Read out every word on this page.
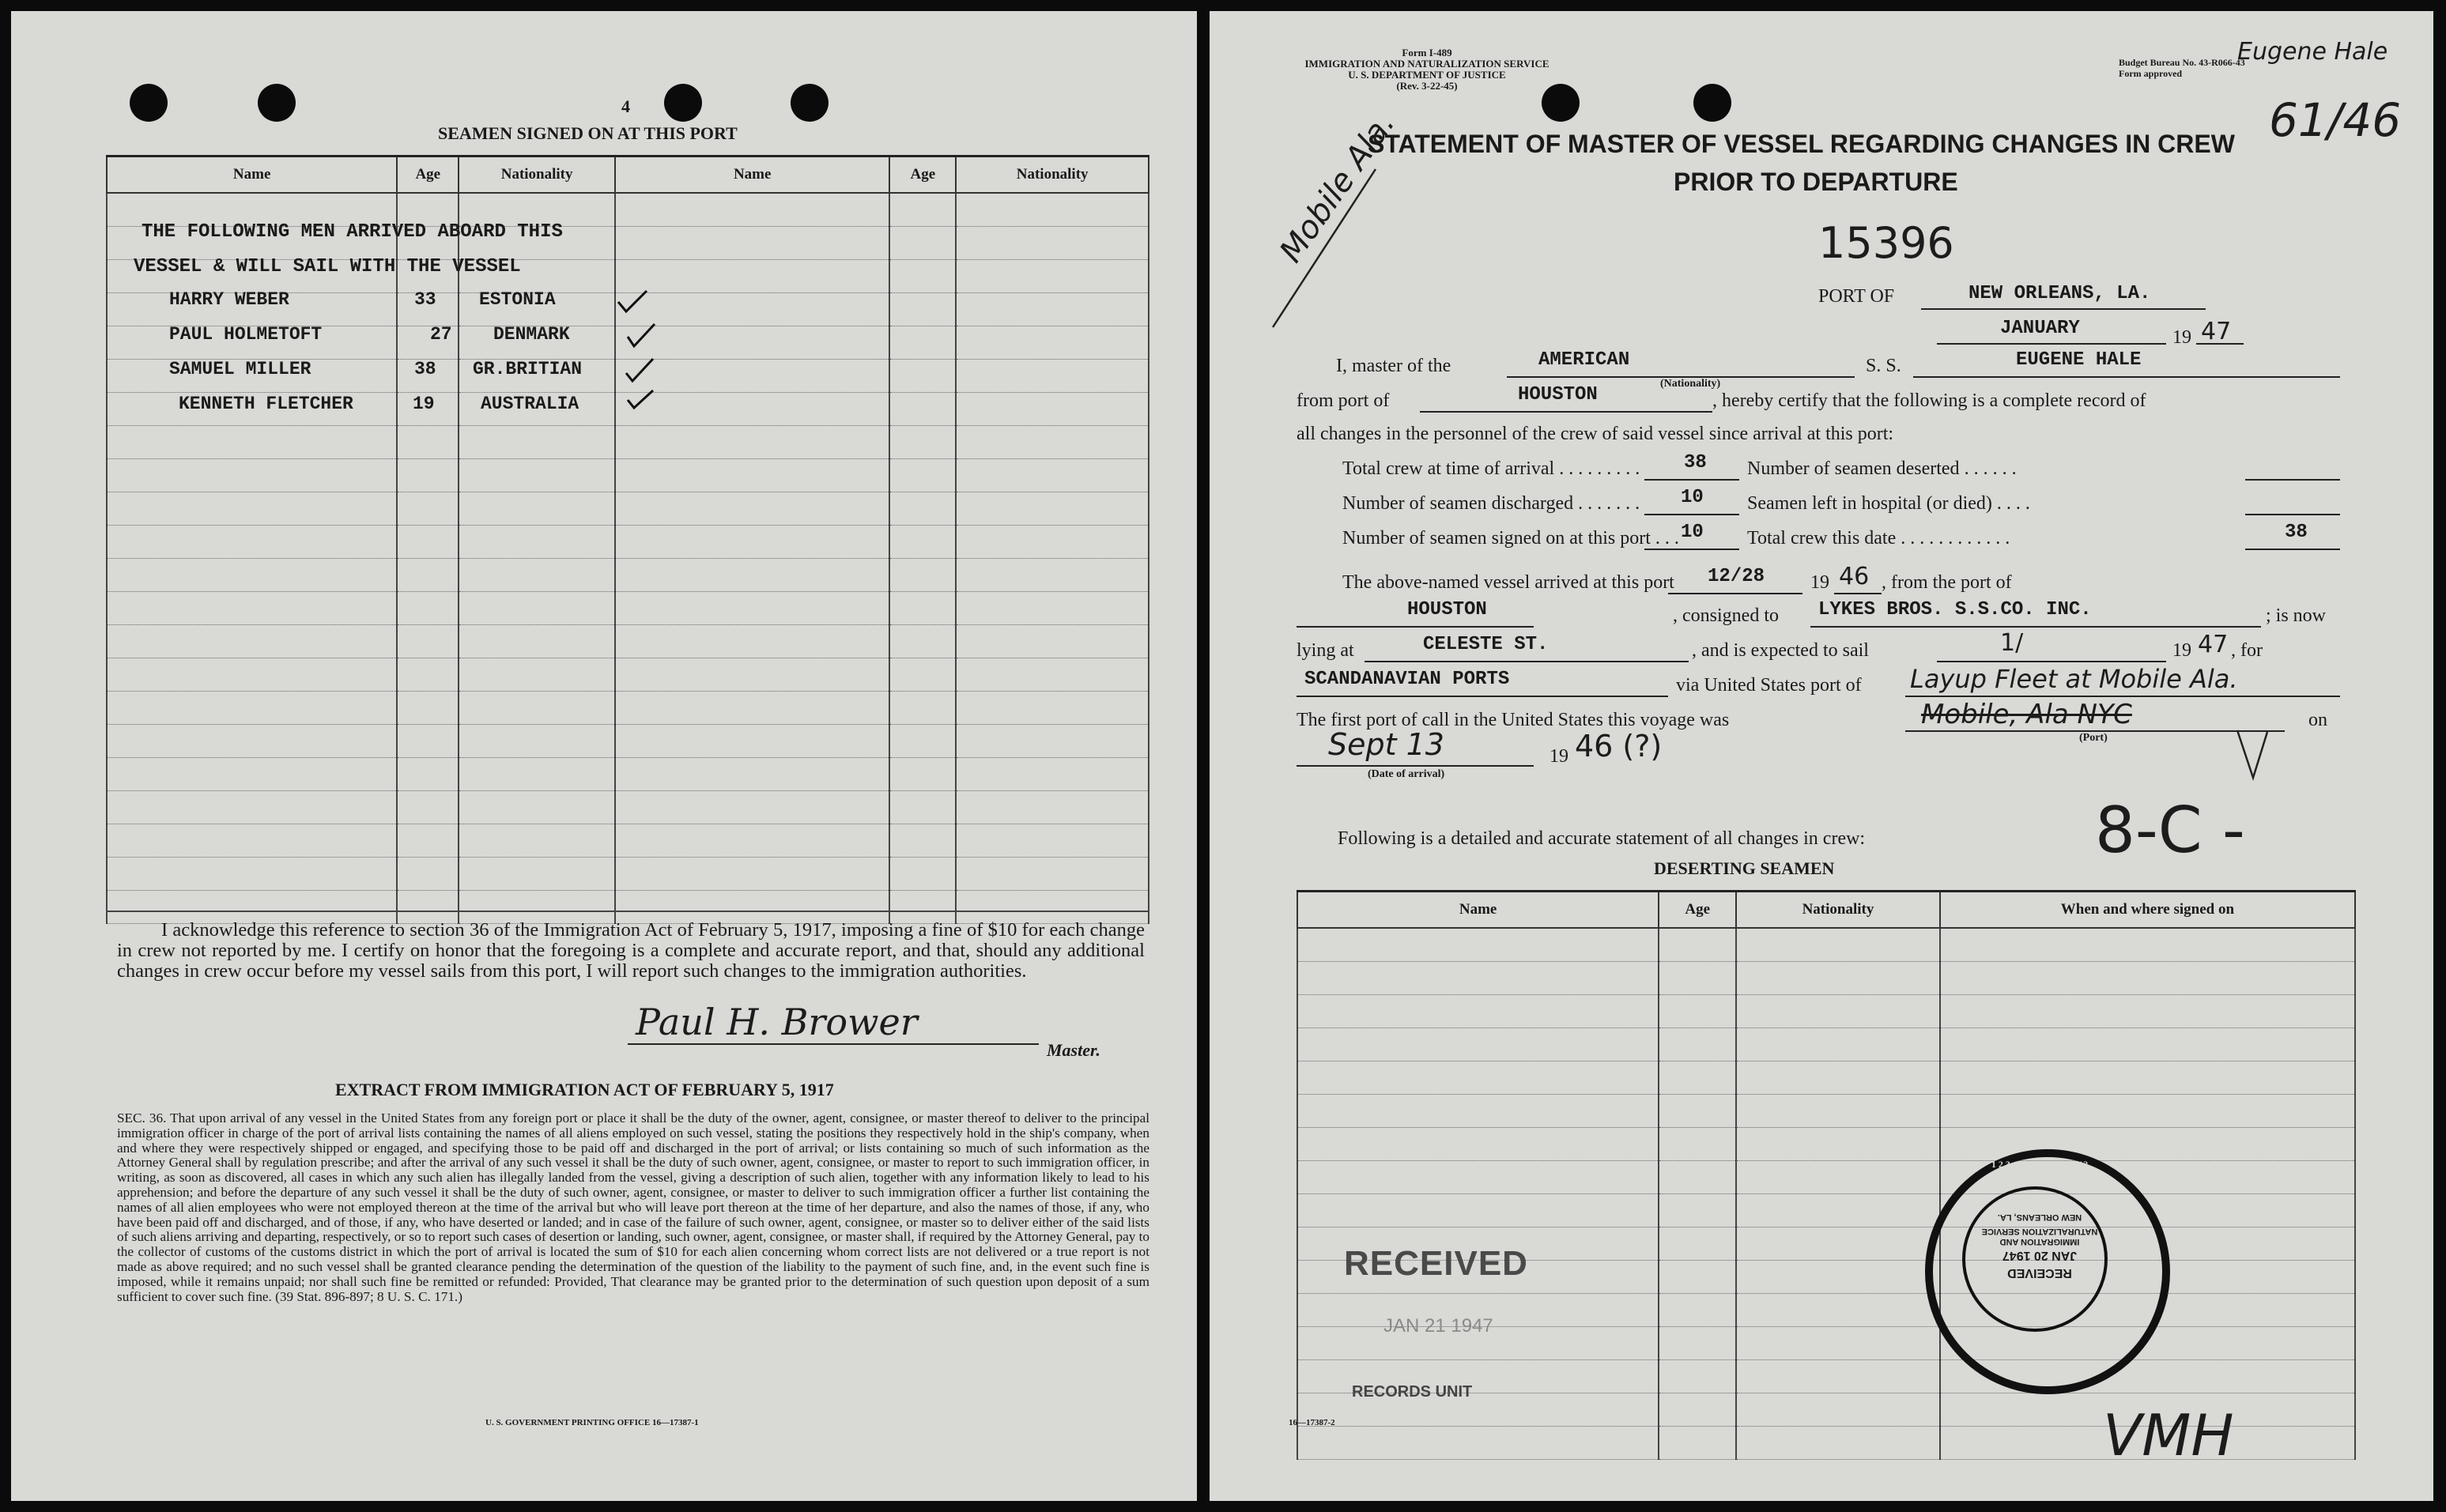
4
SEAMEN SIGNED ON AT THIS PORT
Name	Age	Nationality	Name	Age	Nationality

THE FOLLOWING MEN ARRIVED ABOARD THIS
VESSEL & WILL SAIL WITH THE VESSEL
HARRY WEBER	33 ESTONIA
PAUL HOLMETOFT	27 DENMARK
SAMUEL MILLER	38 GR.BRITIAN
KENNETH FLETCHER	19	AUSTRALIA
I acknowledge this reference to section 36 of the Immigration Act of February 5, 1917, imposing a fine of $10 for each change in crew not reported by me. I certify on honor that the foregoing is a complete and accurate report, and that, should any additional changes in crew occur before my vessel sails from this port, I will report such changes to the immigration authorities.
Paul H. Brower
Master.
EXTRACT FROM IMMIGRATION ACT OF FEBRUARY 5, 1917

SEC. 36. That upon arrival of any vessel in the United States from any foreign port or place it shall be the duty of the owner, agent, consignee, or master thereof to deliver to the principal immigration officer in charge of the port of arrival lists containing the names of all aliens employed on such vessel, stating the positions they respectively hold in the ship's company, when and where they were respectively shipped or engaged, and specifying those to be paid off and discharged in the port of arrival; or lists containing so much of such information as the Attorney General shall by regulation prescribe; and after the arrival of any such vessel it shall be the duty of such owner, agent, consignee, or master to report to such immigration officer, in writing, as soon as discovered, all cases in which any such alien has illegally landed from the vessel, giving a description of such alien, together with any information likely to lead to his apprehension; and before the departure of any such vessel it shall be the duty of such owner, agent, consignee, or master to deliver to such immigration officer a further list containing the names of all alien employees who were not employed thereon at the time of the arrival but who will leave port thereon at the time of her departure, and also the names of those, if any, who have been paid off and discharged, and of those, if any, who have deserted or landed; and in case of the failure of such owner, agent, consignee, or master so to deliver either of the said lists of such aliens arriving and departing, respectively, or so to report such cases of desertion or landing, such owner, agent, consignee, or master shall, if required by the Attorney General, pay to the collector of customs of the customs district in which the port of arrival is located the sum of $10 for each alien concerning whom correct lists are not delivered or a true report is not made as above required; and no such vessel shall be granted clearance pending the determination of the question of the liability to the payment of such fine, and, in the event such fine is imposed, while it remains unpaid; nor shall such fine be remitted or refunded: Provided, That clearance may be granted prior to the determination of such question upon deposit of a sum sufficient to cover such fine. (39 Stat. 896-897; 8 U. S. C. 171.)

U. S. GOVERNMENT PRINTING OFFICE 16—17387-1
Form I-489
IMMIGRATION AND NATURALIZATION SERVICE
U. S. DEPARTMENT OF JUSTICE
(Rev. 3-22-45)
Budget Bureau No. 43-R066-43
Form approved
Eugene Hale
61/46
STATEMENT OF MASTER OF VESSEL REGARDING CHANGES IN CREW
PRIOR TO DEPARTURE
15396
Mobile Ala.
PORT OF	NEW ORLEANS, LA.
JANUARY	19 47
I, master of the	AMERICAN
(Nationality)
S. S.	EUGENE HALE
from port of	HOUSTON	, hereby certify that the following is a complete record of
all changes in the personnel of the crew of said vessel since arrival at this port:
Total crew at time of arrival . . . . . . . . . 38 Number of seamen deserted . . . . . .
Number of seamen discharged . . . . . . . 10 Seamen left in hospital (or died) . . . .
Number of seamen signed on at this port . . . 10 Total crew this date . . . . . . . . . . . .	38
The above-named vessel arrived at this port 12/28 19 46 , from the port of
HOUSTON	, consigned to LYKES BROS. S.S.CO. INC.	; is now
lying at	CELESTE ST.	, and is expected to sail	1/	19 47 , for
SCANDANAVIAN PORTS	via United States port of Layup Fleet at Mobile Ala.
The first port of call in the United States this voyage was	Mobile, Ala NYC
(Port)
on
Sept 13
(Date of arrival)
19 46 (?)
Following is a detailed and accurate statement of all changes in crew:	8-C -
DESERTING SEAMEN
Name	Age	Nationality	When and where signed on

RECEIVED
JAN 21 1947
RECORDS UNIT
RECEIVED
JAN 20 1947
IMMIGRATION AND NATURALIZATION SERVICE
NEW ORLEANS, LA.
1 2 3 4 5 6 7 8 9 10 11 12
16—17387-2	VMH
